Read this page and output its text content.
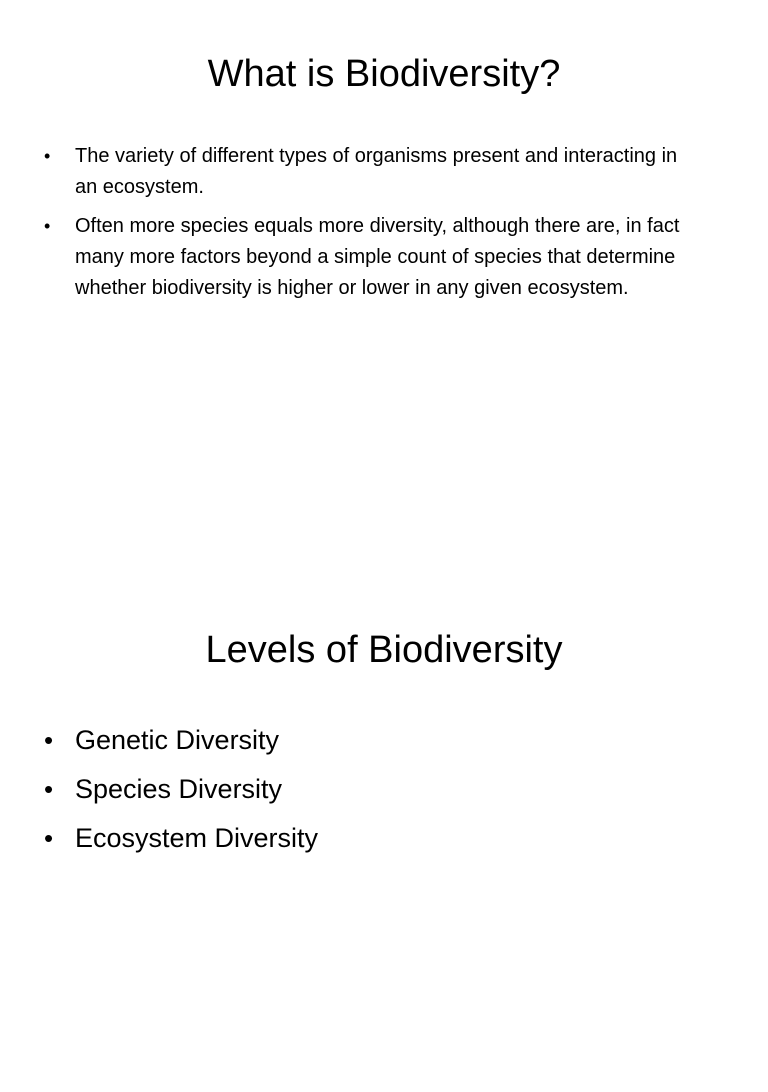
What is Biodiversity?
• The variety of different types of organisms present and interacting in an ecosystem.
• Often more species equals more diversity, although there are, in fact many more factors beyond a simple count of species that determine whether biodiversity is higher or lower in any given ecosystem.
Levels of Biodiversity
• Genetic Diversity
• Species Diversity
• Ecosystem Diversity
